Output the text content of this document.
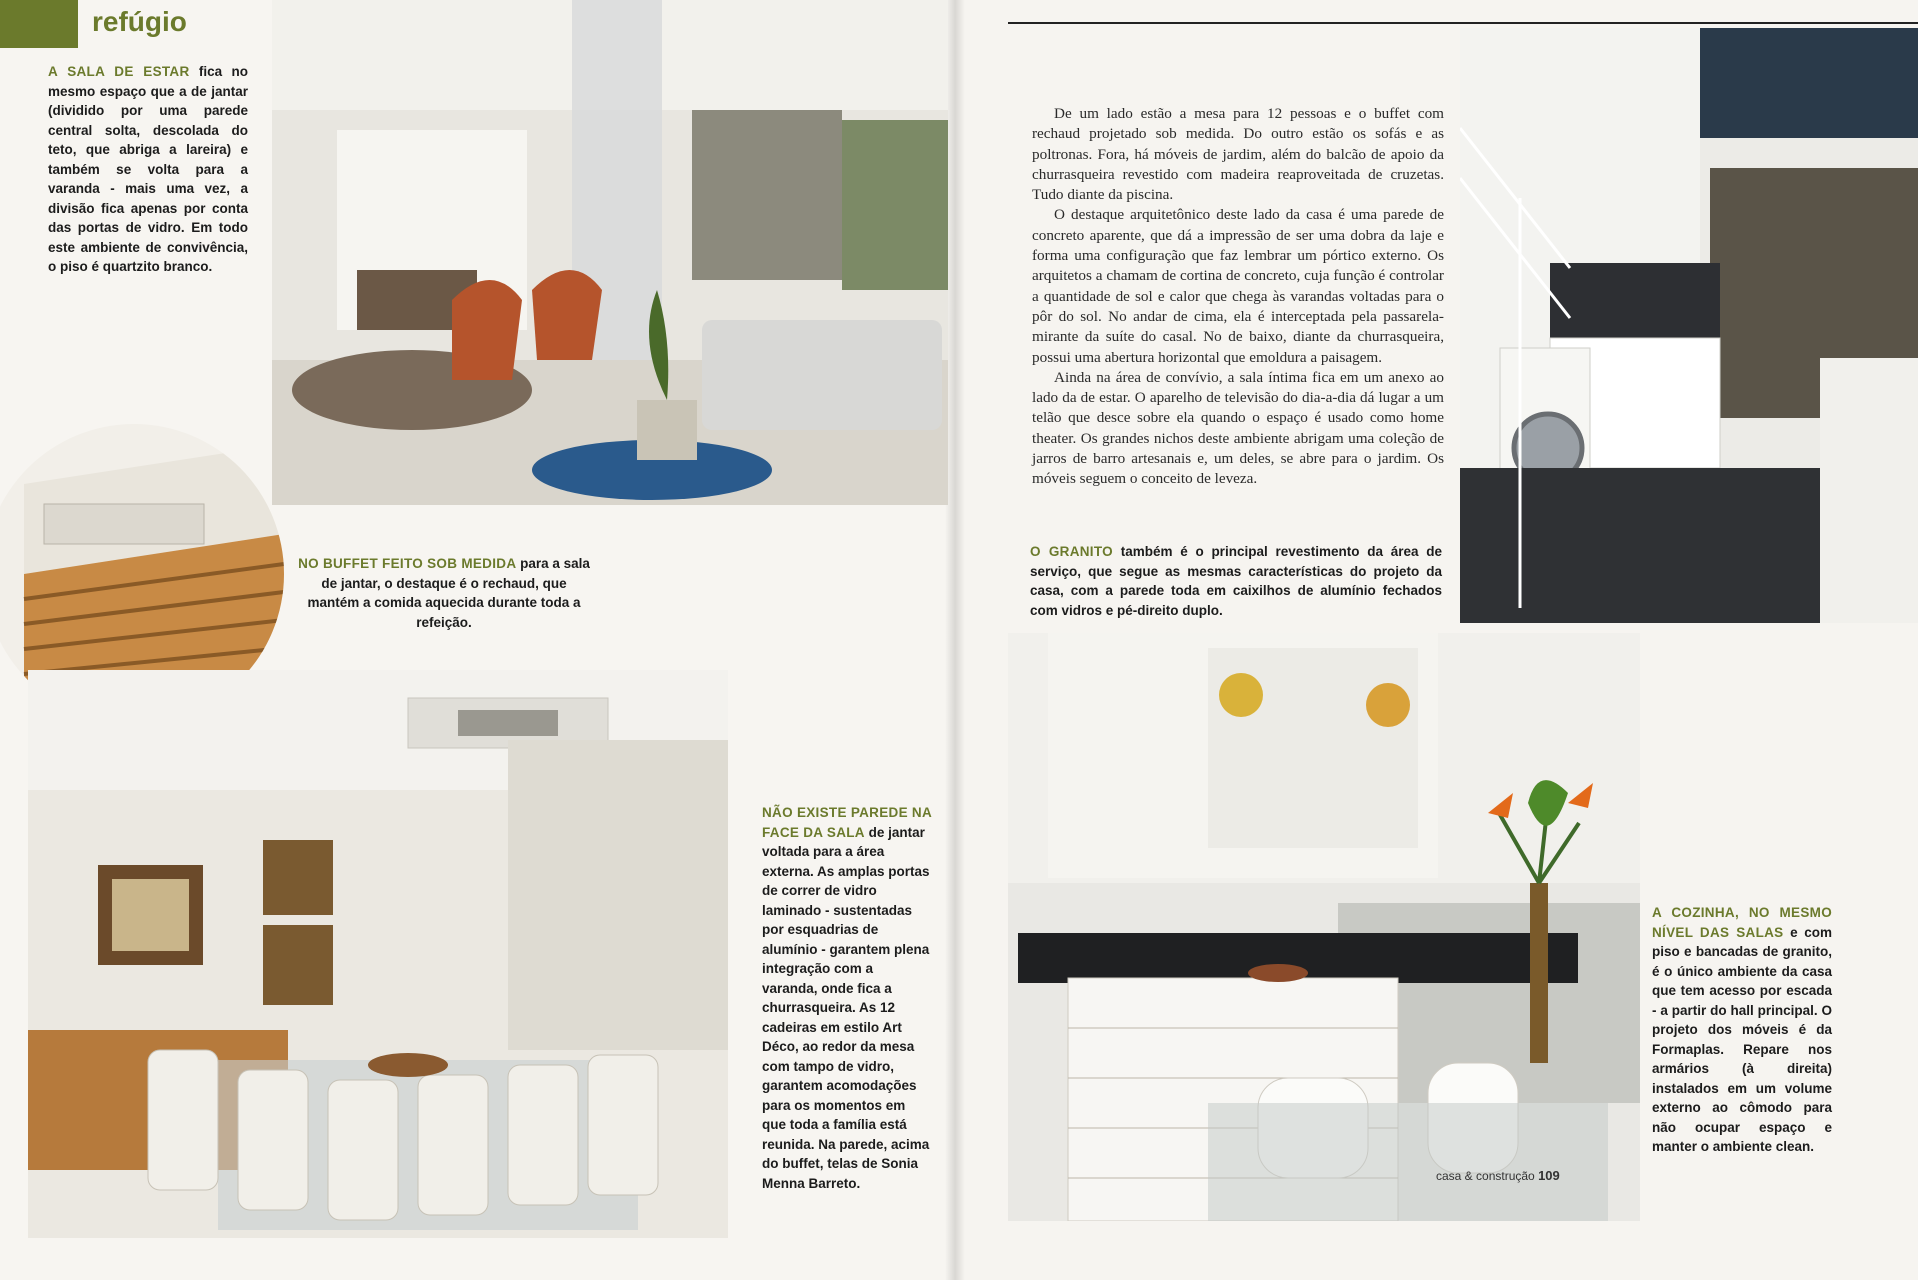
refúgio
A SALA DE ESTAR fica no mesmo espaço que a de jantar (dividido por uma parede central solta, descolada do teto, que abriga a lareira) e também se volta para a varanda - mais uma vez, a divisão fica apenas por conta das portas de vidro. Em todo este ambiente de convivência, o piso é quartzito branco.
NO BUFFET FEITO SOB MEDIDA para a sala de jantar, o destaque é o rechaud, que mantém a comida aquecida durante toda a refeição.
NÃO EXISTE PAREDE NA FACE DA SALA de jantar voltada para a área externa. As amplas portas de correr de vidro laminado - sustentadas por esquadrias de alumínio - garantem plena integração com a varanda, onde fica a churrasqueira. As 12 cadeiras em estilo Art Déco, ao redor da mesa com tampo de vidro, garantem acomodações para os momentos em que toda a família está reunida. Na parede, acima do buffet, telas de Sonia Menna Barreto.

De um lado estão a mesa para 12 pessoas e o buffet com rechaud projetado sob medida. Do outro estão os sofás e as poltronas. Fora, há móveis de jardim, além do balcão de apoio da churrasqueira revestido com madeira reaproveitada de cruzetas. Tudo diante da piscina.

O destaque arquitetônico deste lado da casa é uma parede de concreto aparente, que dá a impressão de ser uma dobra da laje e forma uma configuração que faz lembrar um pórtico externo. Os arquitetos a chamam de cortina de concreto, cuja função é controlar a quantidade de sol e calor que chega às varandas voltadas para o pôr do sol. No andar de cima, ela é interceptada pela passarela-mirante da suíte do casal. No de baixo, diante da churrasqueira, possui uma abertura horizontal que emoldura a paisagem.

Ainda na área de convívio, a sala íntima fica em um anexo ao lado da de estar. O aparelho de televisão do dia-a-dia dá lugar a um telão que desce sobre ela quando o espaço é usado como home theater. Os grandes nichos deste ambiente abrigam uma coleção de jarros de barro artesanais e, um deles, se abre para o jardim. Os móveis seguem o conceito de leveza.

O GRANITO também é o principal revestimento da área de serviço, que segue as mesmas características do projeto da casa, com a parede toda em caixilhos de alumínio fechados com vidros e pé-direito duplo.
A COZINHA, NO MESMO NÍVEL DAS SALAS e com piso e bancadas de granito, é o único ambiente da casa que tem acesso por escada - a partir do hall principal. O projeto dos móveis é da Formaplas. Repare nos armários (à direita) instalados em um volume externo ao cômodo para não ocupar espaço e manter o ambiente clean.
casa & construção 109
